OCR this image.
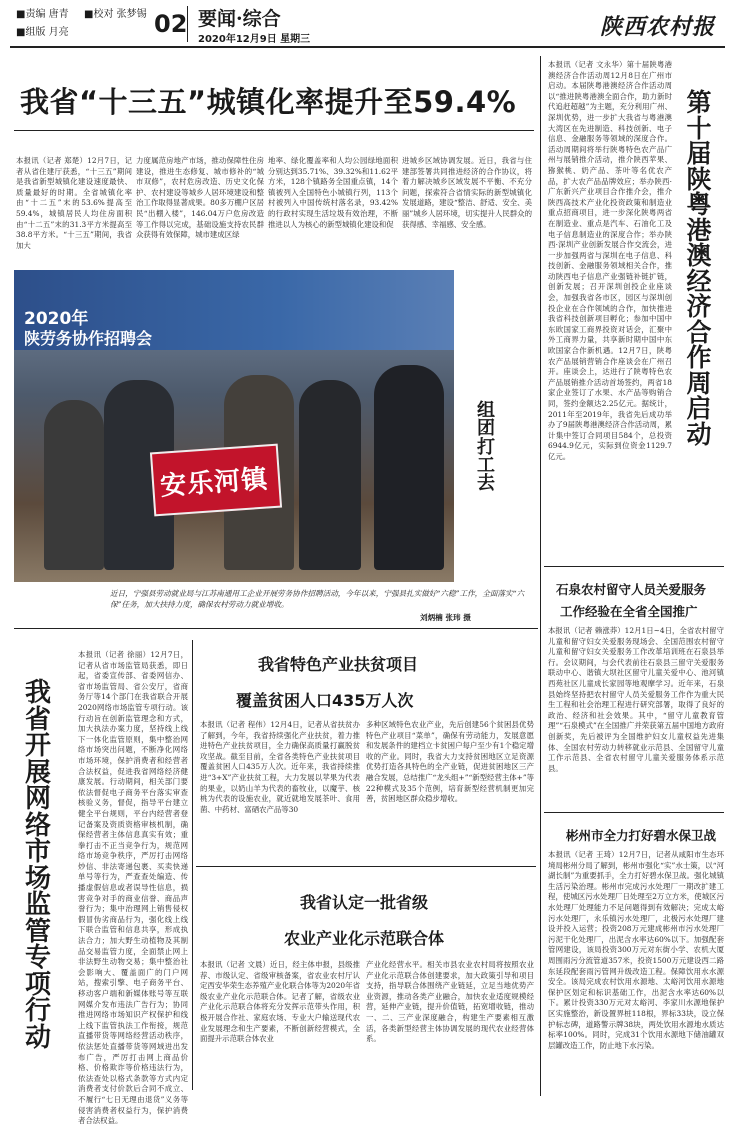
■责编 唐青 ■校对 张梦锡
■组版 月亮	02 要闻·综合
2020年12月9日 星期三	陕西农村报
我省“十三五”城镇化率提升至59.4%
本报讯（记者 郑楚）12月7日，记者从省住建厅获悉，“十三五”期间是我省新型城镇化建设速度最快、质量最好的时期。全省城镇化率由“十二五”末的53.6%提高至59.4%，城镇居民人均住房面积由“十二五”末的31.3平方米提高至38.8平方米。“十三五”期间，我省加大
力度属范房地产市场，推动保障性住房建设，推进生态修复、城市修补的“城市双修”，农村危房改造、历史文化保护、农村建设等城乡人居环境建设和整治工作取得显著成果。80多万棚户区居民“出棚入楼”，146.04万户危房改造等工作得以完成，基础设施支持农民群众获得有效保障，城市建成区绿
地率、绿化覆盖率和人均公园绿地面积分别达到35.71%、39.32%和11.62平方米，128个镇路务全国重点镇，14个镇被列入全国特色小城镇行列，113个村被列入中国传统村落名录，93.42%的行政村实现生活垃圾有效治理，不断推进以人为核心的新型城镇化建设和促
进城乡区域协调发展。近日，我省与住建部签署共同推进经济的合作协议，将着力解决城乡区域发展不平衡、不充分问题，探索符合省情实际的新型城镇化发展道路，建设“整洁、舒适、安全、美丽”城乡人居环境，切实提升人民群众的获得感、幸福感、安全感。
2020年
陕劳务协作招聘会
安乐河镇
组团打工去
近日，宁强县劳动就业局与江苏南通用工企业开展劳务协作招聘活动，今年以来，宁强县扎实做好“六稳”工作，全面落实“六保”任务，加大扶持力度，确保农村劳动力就业增收。
刘炳楠 张玮 摄
我省开展网络市场监管专项行动
本报讯（记者 徐丽）12月7日，记者从省市场监管局获悉，即日起，省委宣传部、省委网信办、省市场监管局、省公安厅，省商务厅等14个部门在我省联合开展2020网络市场监管专项行动。该行动旨在创新监管理念和方式，加大执法办案力度，坚持线上线下一体化监管原则，集中整治网络市场突出问题，不断净化网络市场环境，保护消费者和经营者合法权益，促进我省网络经济健康发展。行动期间，相关部门要依法督促电子商务平台落实审查核验义务，督促，指导平台建立健全平台规则，平台内经营者登记备案及资质资格审核机制，确保经营者主体信息真实有效；重拳打击不正当竞争行为，规范网络市场竞争秩序，严厉打击网络炒信、非法寄递包裹、买卖快递单号等行为，严查查处编造、传播虚假信息或者误导性信息，损害竞争对手的商业信誉、商品声誉行为；集中治理网上销售侵权假冒伪劣商品行为，强化线上线下联合监管和信息共享，形成执法合力；加大野生动植物及其制品交易监管力度，全面禁止网上非法野生动物交易；集中整治社会影响大、覆盖面广的门户网站，搜索引擎、电子商务平台、移动客户端和新媒体账号等互联网媒介发布违法广告行为；协同推进网络市场知识产权保护和线上线下监管执法工作衔接，规范直播带货等网络经营活动秩序，依法惩处直播带货等网域进出发布广告，严厉打击网上商品价格、价格欺诈等价格违法行为，依法查处以格式条款等方式内定消费者支付价款后合同不成立、不履行“七日无理由退货”义务等侵害消费者权益行为，保护消费者合法权益。
我省特色产业扶贫项目
覆盖贫困人口435万人次
本报讯（记者 程伟）12月4日，记者从省扶贫办了解到，今年，我省持续强化产业扶贫，着力推进特色产业扶贫项目，全力确保高质量打赢脱贫攻坚战。截至目前，全省各类特色产业扶贫项目覆盖贫困人口435万人次。近年来，我省持续推进“3+X”产业扶贫工程，大力发展以苹果为代表的果业，以奶山羊为代表的畜牧业，以魔芋、核桃为代表的设施农业，就近就地发展茶叶、食用菌、中药材、富硒农产品等30
多种区域特色农业产业，先后创建56个贫困县优势特色产业项目“菜单”，确保有劳动能力，发展意愿和发展条件的建档立卡贫困户每户至少有1个稳定增收的产业。同时，我省大力支持贫困地区立足资源优势打造各具特色的全产业链，促进贫困地区三产融合发展，总结推广“龙头组+”“新型经营主体+”等22种模式及35个范例，培育新型经营机制更加完善，贫困地区群众稳步增收。
我省认定一批省级
农业产业化示范联合体
本报讯（记者 文晨）近日，经主体申报，县级推荐、市级认定、省级审核备案，省农业农村厅认定西安华荣生态养殖产业化联合体等为2020年省级农业产业化示范联合体。记者了解，省级农业产业化示范联合体将充分发挥示范带头作用，积极开展合作社、家庭农场、专业大户输送现代农业发展理念和生产要素，不断创新经营模式，全面提升示范联合体农业
产业化经营水平。相关市县农业农村局将按照农业产业化示范联合体创建要求，加大政策引导和项目支持，指导联合体围绕产业链延，立足当地优势产业资源，推动各类产业融合，加快农业适度规模经营，延伸产业链，提升价值链，拓宽增收链，推动一、二、三产业深度融合，构建生产要素相互激活，各类新型经营主体协调发展的现代农业经营体系。
本报讯（记者 文永华）第十届陕粤港澳经济合作活动周12月8日在广州市启动。本届陕粤港澳经济合作活动周以“推进陕粤港澳全面合作，助力新时代追赶超越”为主题，充分利用广州、深圳优势，进一步扩大我省与粤港澳大湾区在先进制造、科技创新、电子信息、金融服务等领域的深度合作。活动周期间将举行陕粤特色农产品广州与展销推介活动，推介陕西苹果、猕猴桃、奶产品、茶叶等名优农产品，扩大农产品品牌效应；举办陕西·广东新兴产业项目合作推介会，推介陕西高技术产业化投资政策和制造业重点招商项目，进一步深化陕粤两省在制造业、重点是汽车、石油化工及电子信息制造业的深度合作；举办陕西·深圳产业创新发展合作交流会，进一步加强两省与深圳在电子信息、科技创新、金融服务领域相关合作，推动陕西电子信息产业强链补链扩链，创新发展；召开深圳创投企业座谈会，加强我省各市区，园区与深圳创投企业在合作领域的合作，加快推进我省科技创新项目孵化；参加中国中东欧国家工商界投资对话会，汇聚中外工商界力量，共享新时期中国中东欧国家合作新机遇。12月7日，陕粤农产品展销营销合作座谈会在广州召开。座谈会上，达进行了陕粤特色农产品展销推介活动首场签约，两省18家企业签订了水果、水产品等购销合同，签约金额达2.25亿元。据统计，2011年至2019年，我省先后成功举办了9届陕粤港澳经济合作活动周，累计集中签订合同项目584个，总投资6944.9亿元，实际到位资金1129.7亿元。
第十届陕粤港澳经济合作周启动
石泉农村留守人员关爱服务
工作经验在全省全国推广
本报讯（记者 赖涨莽）12月1日~4日，全省农村留守儿童和留守妇女关爱服务现场会、全国范围农村留守儿童和留守妇女关爱服务工作改革培训班在石泉县举行。会议期间，与会代表前往石泉县三留守关爱服务联动中心、谐镇大坝社区留守儿童关爱中心、池河镇西苑社区儿童成长家园等地观摩学习。近年来，石泉县始终坚持把农村留守人员关爱服务工作作为重大民生工程和社会治理工程进行研究部署，取得了良好的政治、经济和社会效果。其中，“留守儿童教育管理”“石泉模式”在全国推广并荣获第五届中国地方政府创新奖，先后被评为全国维护妇女儿童权益先进集体、全国农村劳动力转移就业示范县、全国留守儿童工作示范县、全省农村留守儿童关爱服务体系示范县。
彬州市全力打好碧水保卫战
本报讯（记者 王琦）12月7日，记者从咸阳市生态环境局彬州分局了解到，彬州市强化“实”水士策，以“河湖长制”为重要抓手，全力打好碧水保卫战。强化城镇生活污染治理。彬州市完成污水处理厂一期改扩建工程，使城区污水处理厂日处理至2万立方米，使城区污水处理厂处理能力不足问题得到有效解决；完成太峪污水处理厂，永乐镇污水处理厂，北极污水处理厂建设并投入运营；投资208万元建成彬州市污水处理厂污泥干化处理厂，出泥含水率达60%以下。加强配套管网建设，该局投资300万元对东街小学、农机大厦周围雨污分流管道357米，投资1500万元建设西二路东延段配套雨污管网升级改造工程。保障饮用水水源安全。该局完成农村饮用水源地、太峪河饮用水源地保护区划定和标识基础工作，出泥含水率达60%以下。累计投资330万元对太峪河、李家川水源地保护区实施整治，新设置界桩118根，界标33块，设立保护标志碑，道路警示牌38块，两处饮用水源地水质达标率100%。同时，完成31个饮用水源地下储油罐双层罐改造工作，防止地下水污染。
